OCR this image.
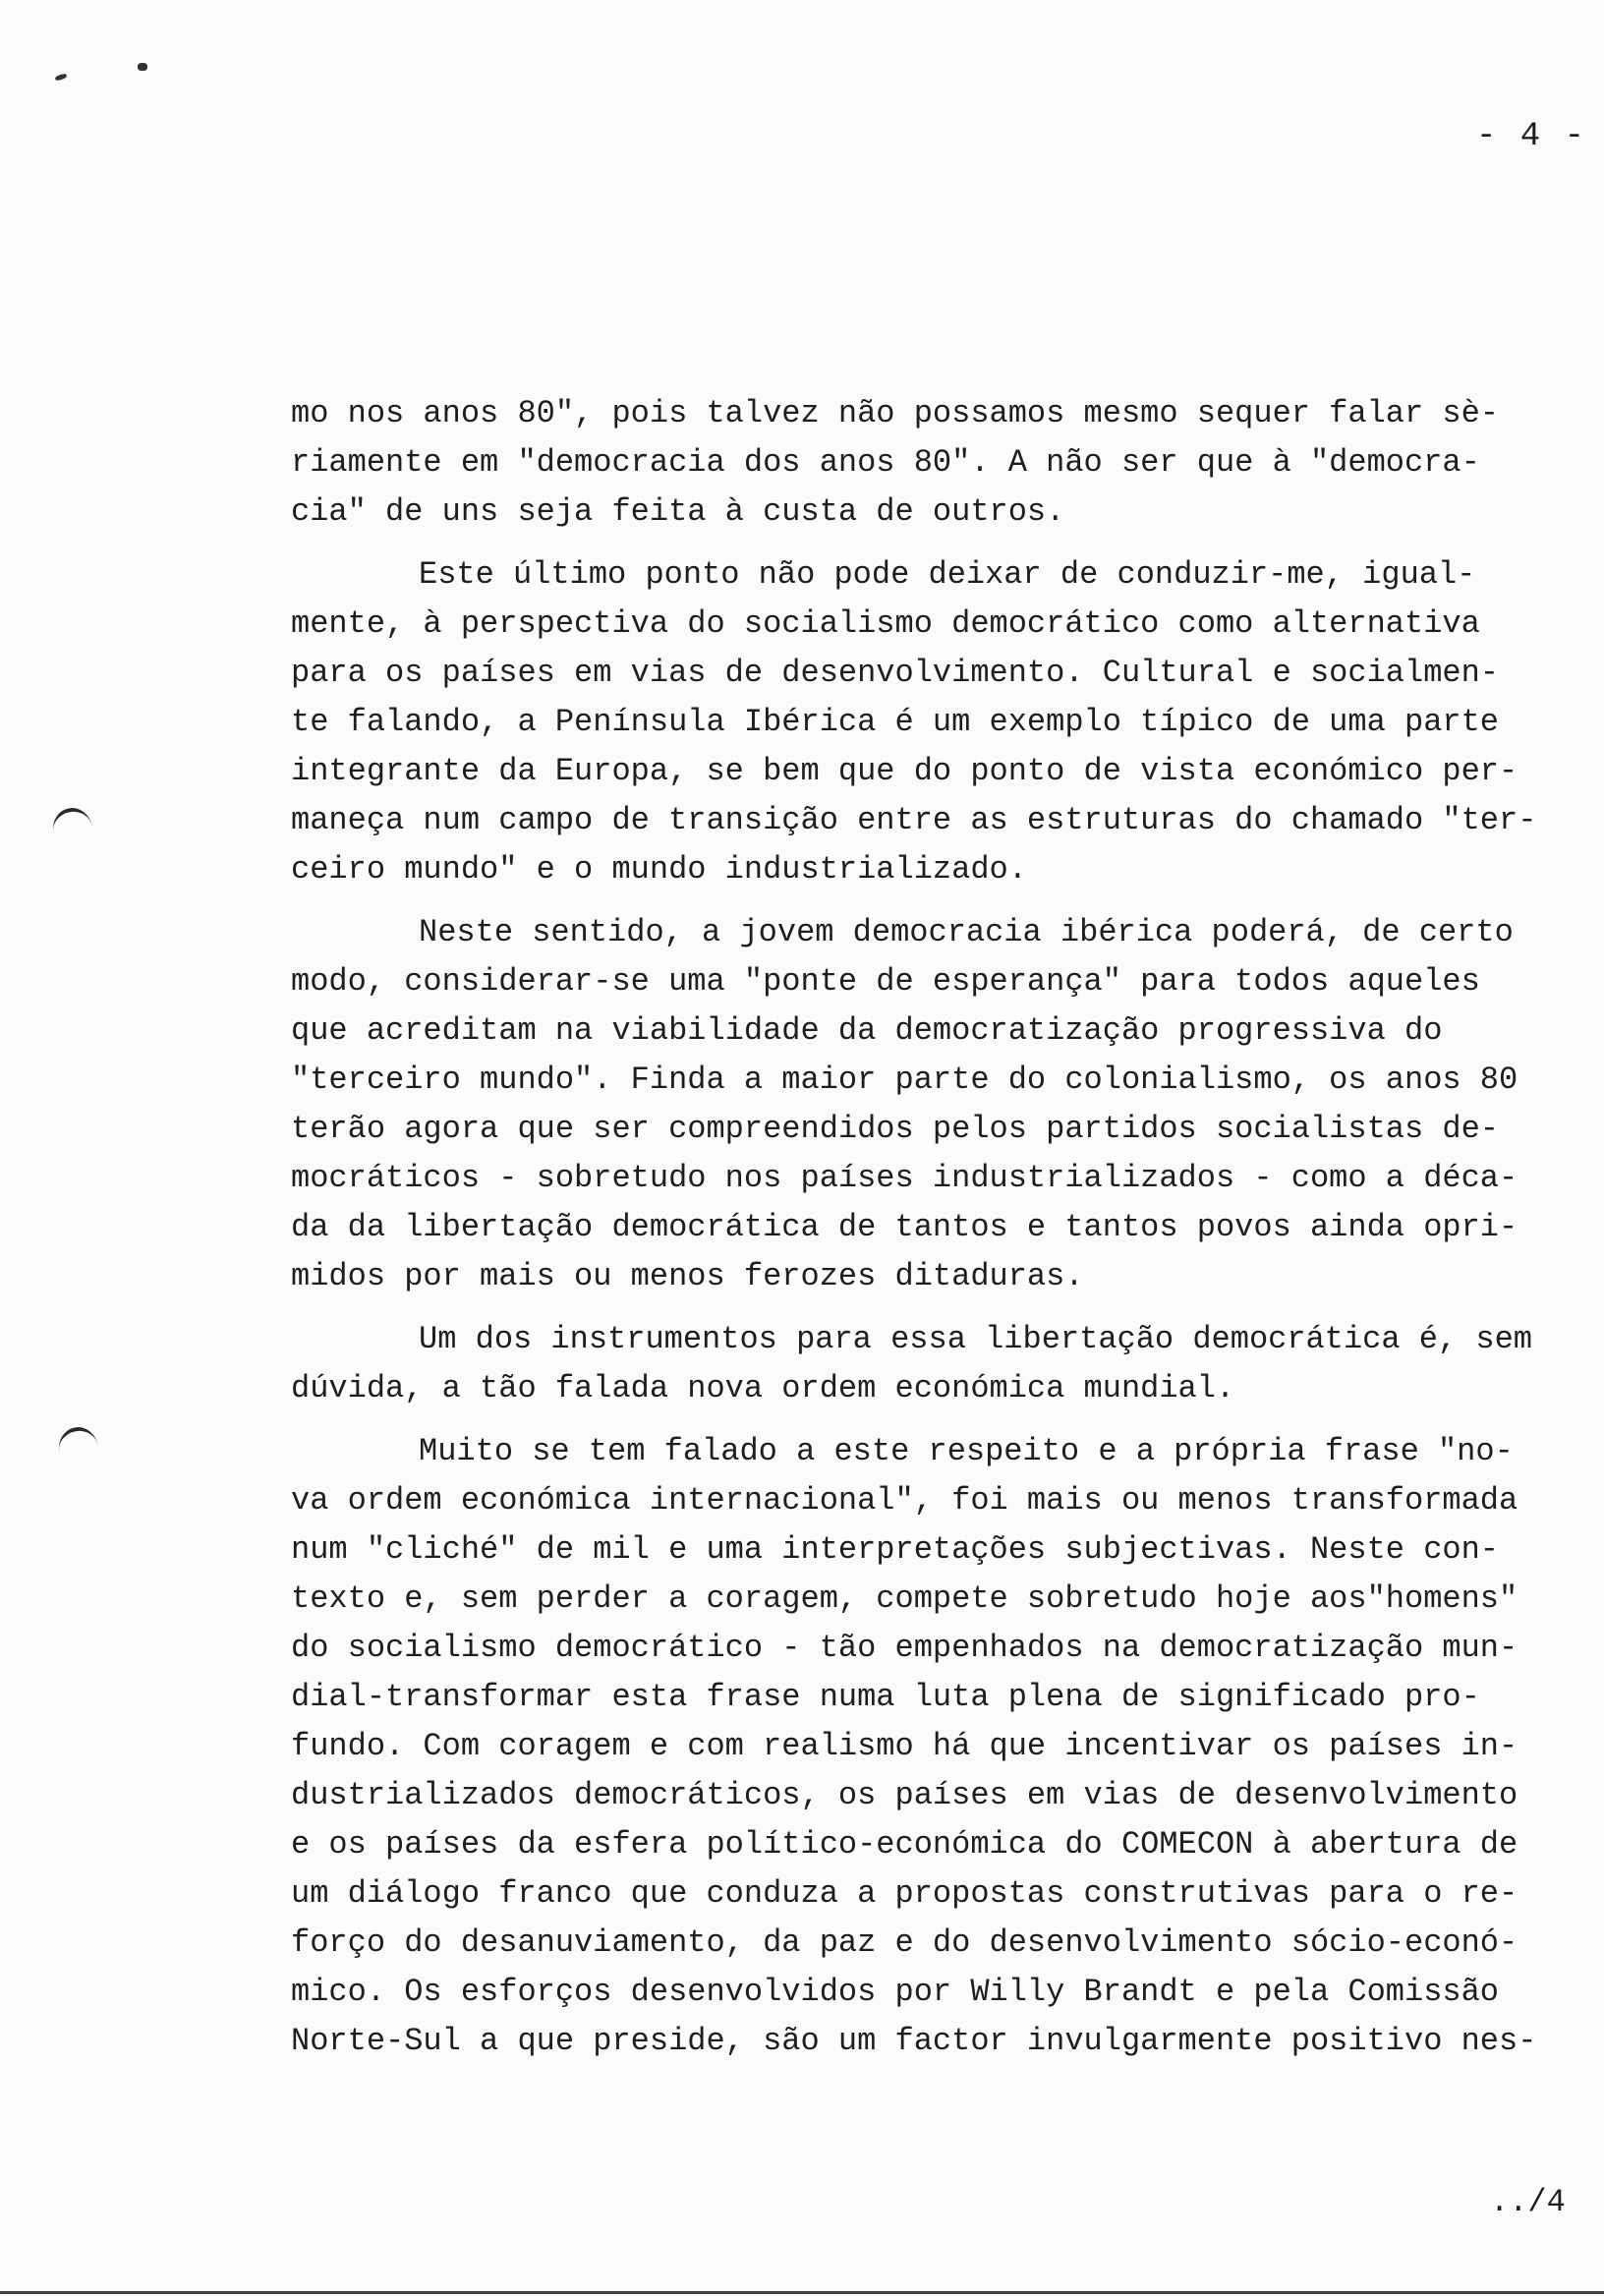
- 4 -
mo nos anos 80", pois talvez não possamos mesmo sequer falar sè-
riamente em "democracia dos anos 80". A não ser que à "democra-
cia" de uns seja feita à custa de outros.
Este último ponto não pode deixar de conduzir-me, igual-
mente, à perspectiva do socialismo democrático como alternativa
para os países em vias de desenvolvimento. Cultural e socialmen-
te falando, a Península Ibérica é um exemplo típico de uma parte
integrante da Europa, se bem que do ponto de vista económico per-
maneça num campo de transição entre as estruturas do chamado "ter-
ceiro mundo" e o mundo industrializado.
Neste sentido, a jovem democracia ibérica poderá, de certo
modo, considerar-se uma "ponte de esperança" para todos aqueles
que acreditam na viabilidade da democratização progressiva do
"terceiro mundo". Finda a maior parte do colonialismo, os anos 80
terão agora que ser compreendidos pelos partidos socialistas de-
mocráticos - sobretudo nos países industrializados - como a déca-
da da libertação democrática de tantos e tantos povos ainda opri-
midos por mais ou menos ferozes ditaduras.
Um dos instrumentos para essa libertação democrática é, sem
dúvida, a tão falada nova ordem económica mundial.
Muito se tem falado a este respeito e a própria frase "no-
va ordem económica internacional", foi mais ou menos transformada
num "cliché" de mil e uma interpretações subjectivas. Neste con-
texto e, sem perder a coragem, compete sobretudo hoje aos"homens"
do socialismo democrático - tão empenhados na democratização mun-
dial-transformar esta frase numa luta plena de significado pro-
fundo. Com coragem e com realismo há que incentivar os países in-
dustrializados democráticos, os países em vias de desenvolvimento
e os países da esfera político-económica do COMECON à abertura de
um diálogo franco que conduza a propostas construtivas para o re-
forço do desanuviamento, da paz e do desenvolvimento sócio-econó-
mico. Os esforços desenvolvidos por Willy Brandt e pela Comissão
Norte-Sul a que preside, são um factor invulgarmente positivo nes-
../4
